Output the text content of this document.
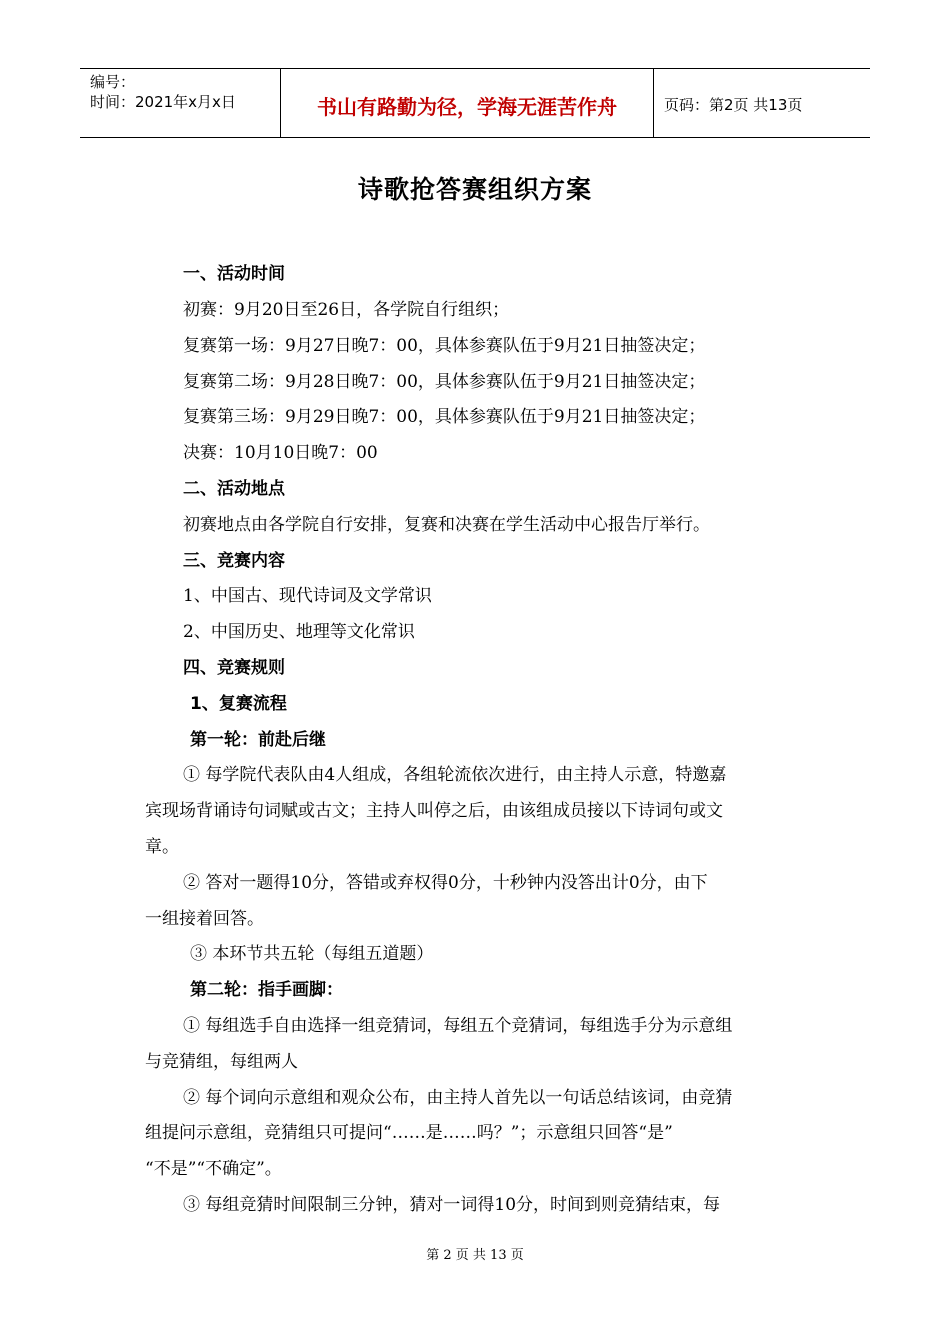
编号：
时间：2021年x月x日	书山有路勤为径，学海无涯苦作舟	页码：第2页 共13页
诗歌抢答赛组织方案
一、活动时间
初赛：9月20日至26日，各学院自行组织；
复赛第一场：9月27日晚7：00，具体参赛队伍于9月21日抽签决定；
复赛第二场：9月28日晚7：00，具体参赛队伍于9月21日抽签决定；
复赛第三场：9月29日晚7：00，具体参赛队伍于9月21日抽签决定；
决赛：10月10日晚7：00
二、活动地点
初赛地点由各学院自行安排，复赛和决赛在学生活动中心报告厅举行。
三、竞赛内容
1、中国古、现代诗词及文学常识
2、中国历史、地理等文化常识
四、竞赛规则
1、复赛流程
第一轮：前赴后继
① 每学院代表队由4人组成，各组轮流依次进行，由主持人示意，特邀嘉
宾现场背诵诗句词赋或古文；主持人叫停之后，由该组成员接以下诗词句或文
章。
② 答对一题得10分，答错或弃权得0分，十秒钟内没答出计0分，由下
一组接着回答。
③ 本环节共五轮（每组五道题）
第二轮：指手画脚：
① 每组选手自由选择一组竞猜词，每组五个竞猜词，每组选手分为示意组
与竞猜组，每组两人
② 每个词向示意组和观众公布，由主持人首先以一句话总结该词，由竞猜
组提问示意组，竞猜组只可提问“……是……吗？”；示意组只回答“是”
“不是”“不确定”。
③ 每组竞猜时间限制三分钟，猜对一词得10分，时间到则竞猜结束，每
第 2 页 共 13 页
